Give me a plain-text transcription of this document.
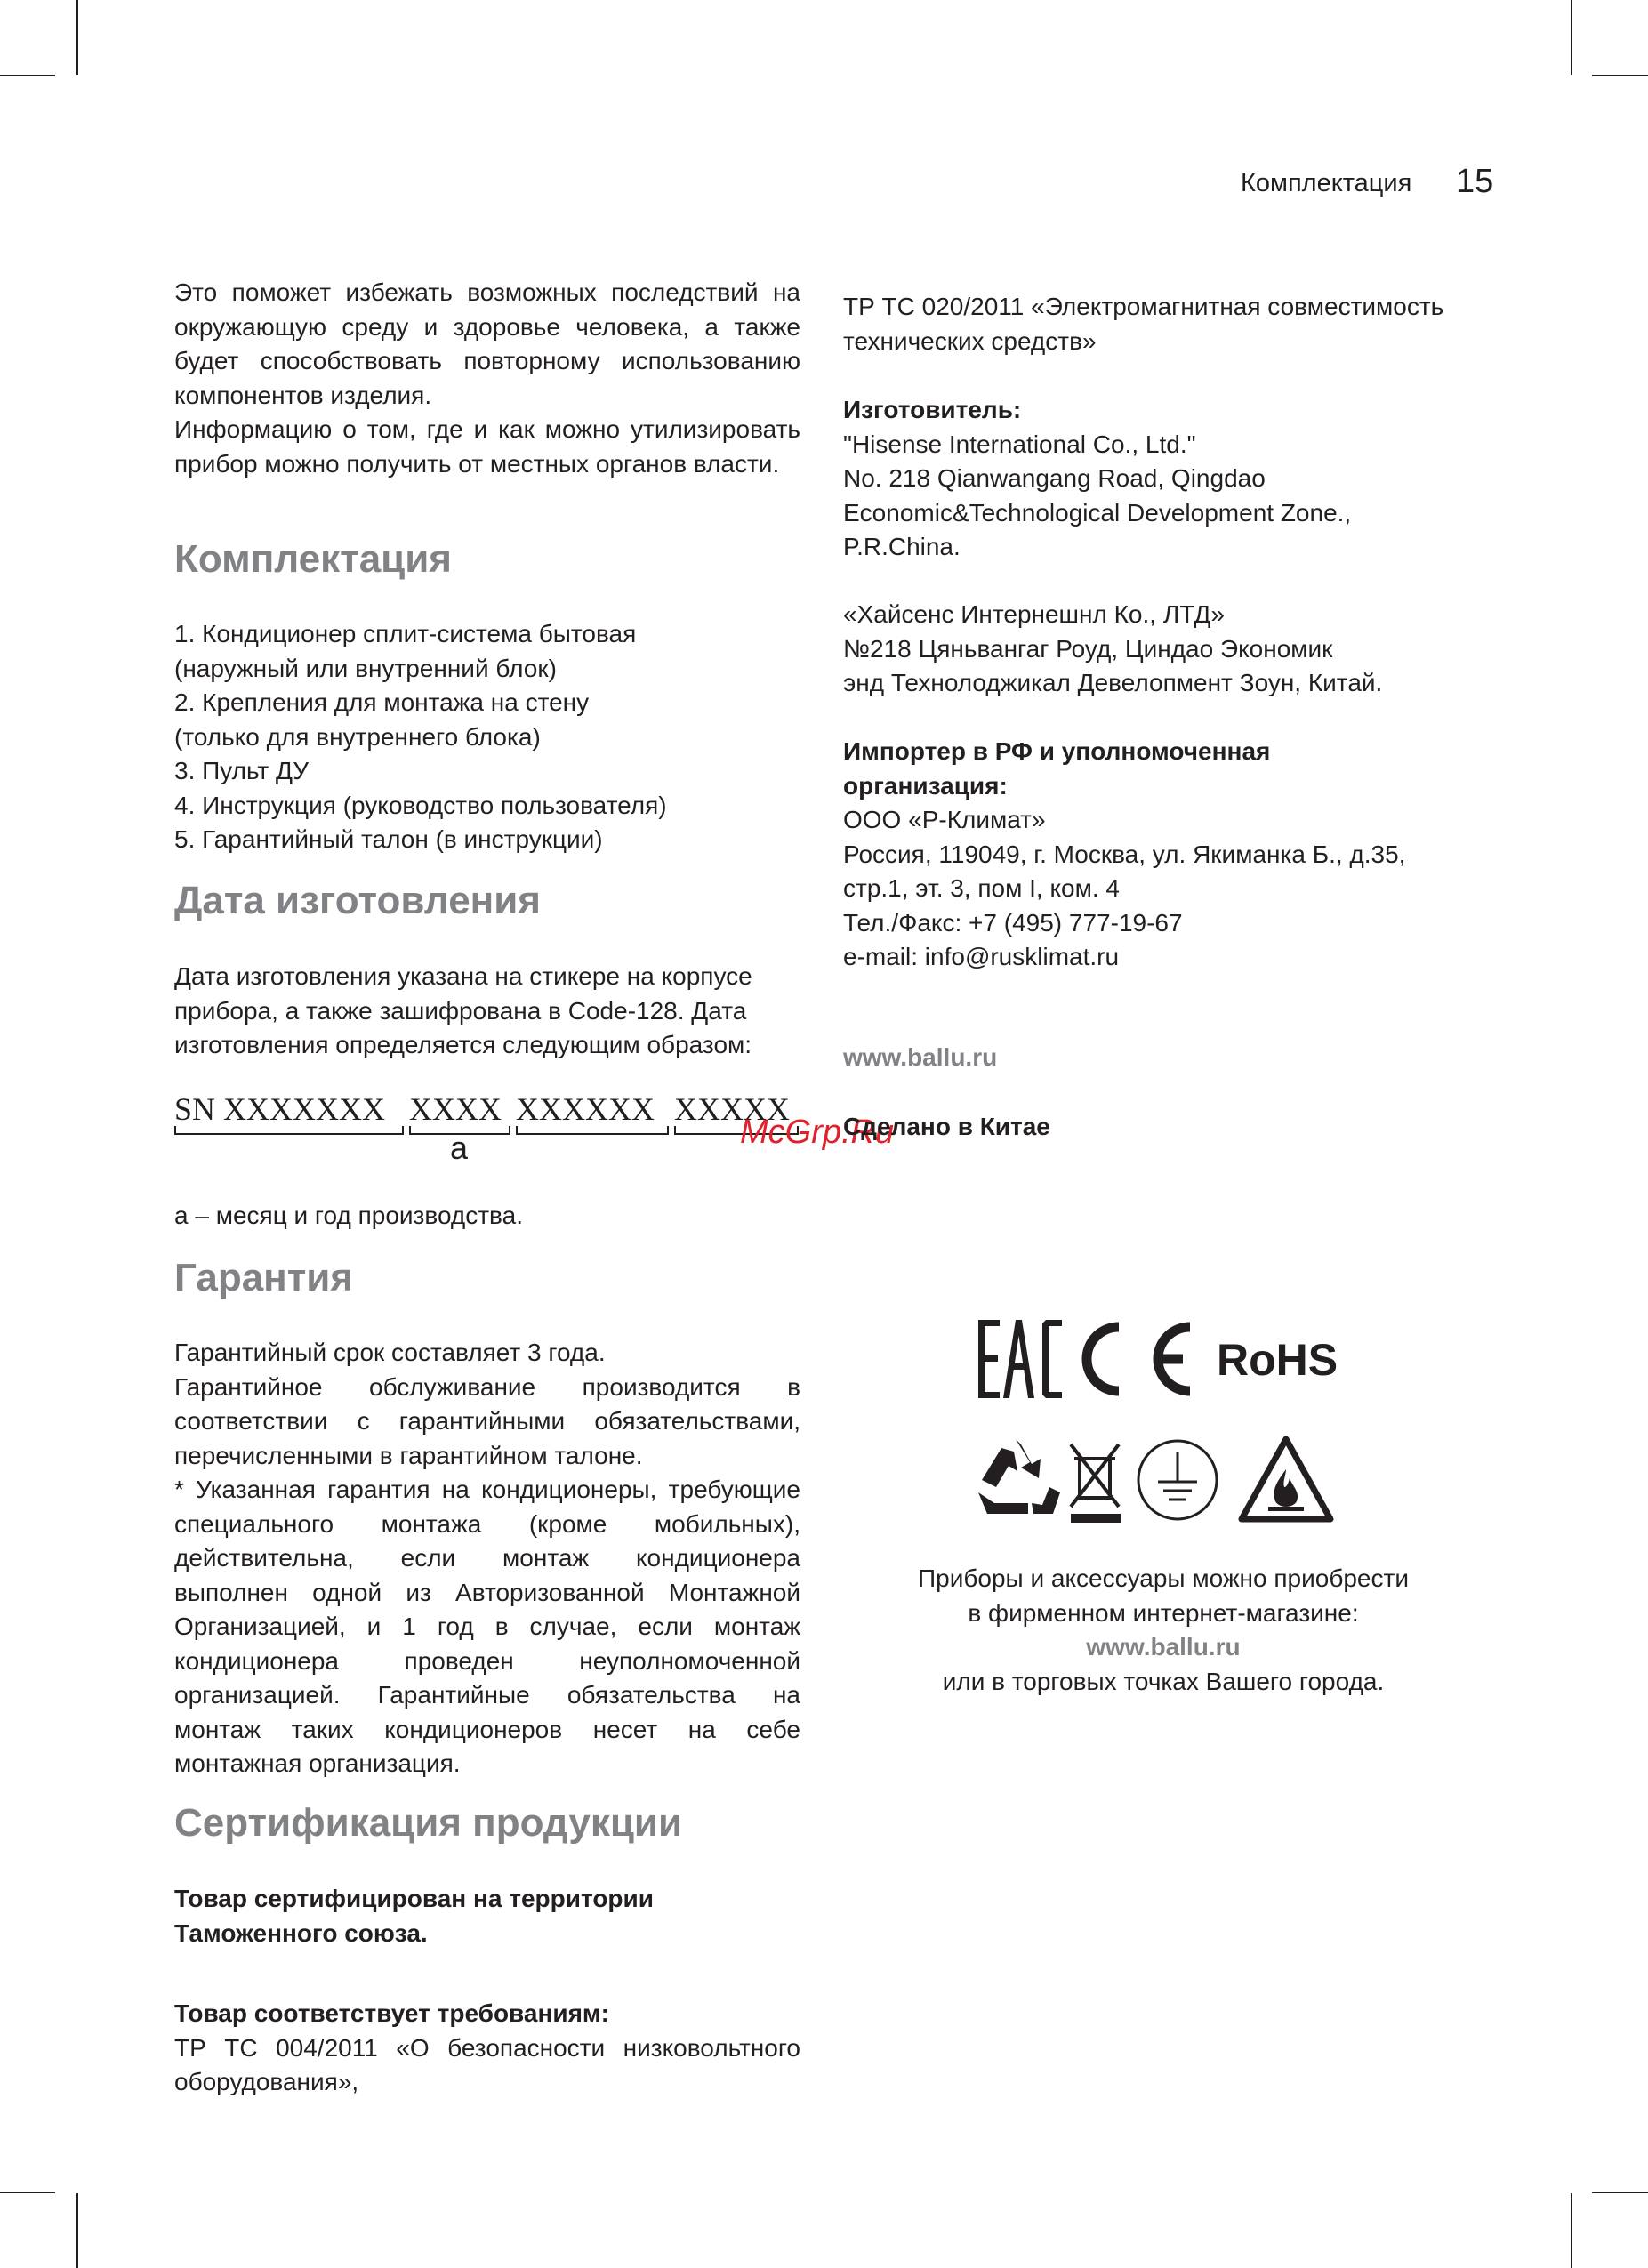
Комплектация 15

Это поможет избежать возможных последствий на окружающую среду и здоровье человека, а также будет способствовать повторному использованию компонентов изделия.

Информацию о том, где и как можно утилизировать прибор можно получить от местных органов власти.

Комплектация

1. Кондиционер сплит-система бытовая

(наружный или внутренний блок)

2. Крепления для монтажа на стену

(только для внутреннего блока)

3. Пульт ДУ

4. Инструкция (руководство пользователя)

5. Гарантийный талон (в инструкции)

Дата изготовления
Дата изготовления указана на стикере на корпусе прибора, а также зашифрована в Code-128. Дата изготовления определяется следующим образом:
SN XXXXXXX XXXX XXXXXX XXXXX
a	McGrp.Ru
a – месяц и год производства.
Гарантия

Гарантийный срок составляет 3 года.

Гарантийное обслуживание производится в соответствии с гарантийными обязательствами, перечисленными в гарантийном талоне.

* Указанная гарантия на кондиционеры, требующие специального монтажа (кроме мобильных), действительна, если монтаж кондиционера выполнен одной из Авторизованной Монтажной Организацией, и 1 год в случае, если монтаж кондиционера проведен неуполномоченной организацией. Гарантийные обязательства на монтаж таких кондиционеров несет на себе монтажная организация.

Сертификация продукции
Товар сертифицирован на территории Таможенного союза.

Товар соответствует требованиям:

ТР ТС 004/2011 «О безопасности низковольтного оборудования»,

ТР ТС 020/2011 «Электромагнитная совместимость технических средств»

Изготовитель:

"Hisense International Co., Ltd."

No. 218 Qianwangang Road, Qingdao

Economic&Technological Development Zone.,

P.R.China.

«Хайсенс Интернешнл Ко., ЛТД»

№218 Цяньвангаг Роуд, Циндао Экономик

энд Технолоджикал Девелопмент Зоун, Китай.

Импортер в РФ и уполномоченная организация:

ООО «Р-Климат»

Россия, 119049, г. Москва, ул. Якиманка Б., д.35,

стр.1, эт. 3, пом I, ком. 4

Тел./Факс: +7 (495) 777-19-67

e-mail: info@rusklimat.ru

www.ballu.ru
Сделано в Китае
RoHS

Приборы и аксессуары можно приобрести

в фирменном интернет-магазине:

www.ballu.ru

или в торговых точках Вашего города.
